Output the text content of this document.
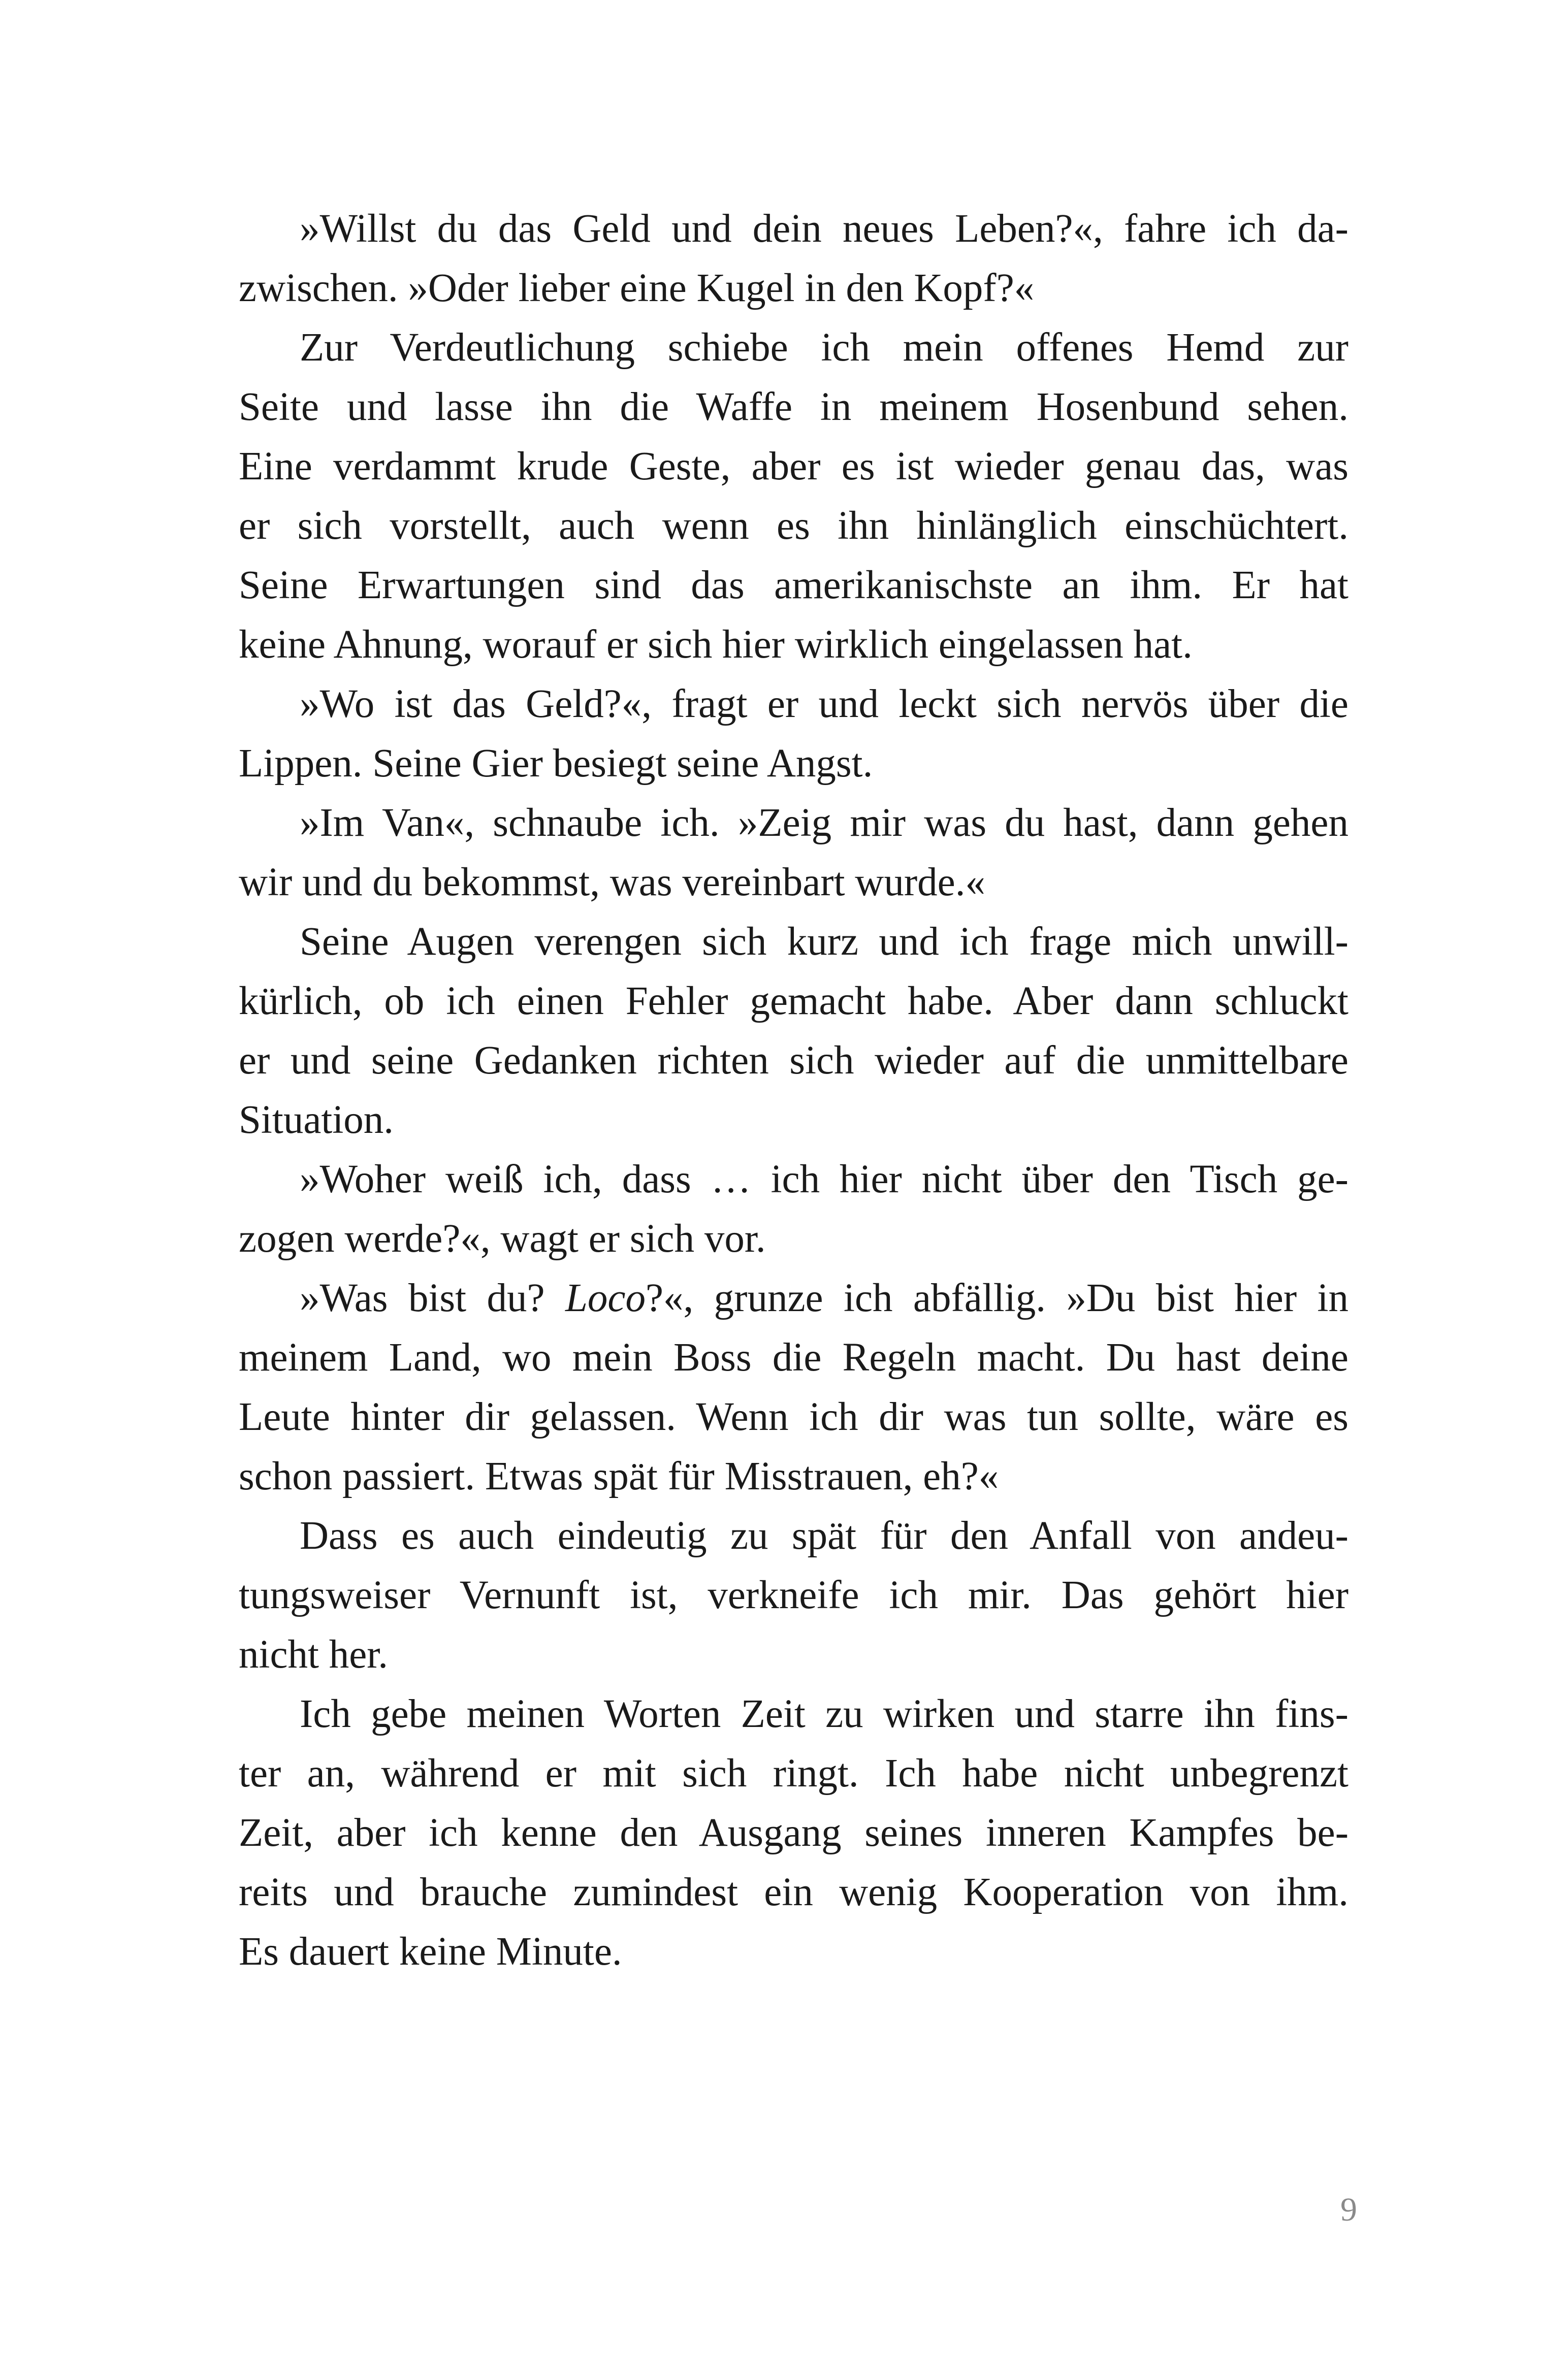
»Willst du das Geld und dein neues Leben?«, fahre ich da-
zwischen. »Oder lieber eine Kugel in den Kopf?«
Zur Verdeutlichung schiebe ich mein offenes Hemd zur
Seite und lasse ihn die Waffe in meinem Hosenbund sehen.
Eine verdammt krude Geste, aber es ist wieder genau das, was
er sich vorstellt, auch wenn es ihn hinlänglich einschüchtert.
Seine Erwartungen sind das amerikanischste an ihm. Er hat
keine Ahnung, worauf er sich hier wirklich eingelassen hat.
»Wo ist das Geld?«, fragt er und leckt sich nervös über die
Lippen. Seine Gier besiegt seine Angst.
»Im Van«, schnaube ich. »Zeig mir was du hast, dann gehen
wir und du bekommst, was vereinbart wurde.«
Seine Augen verengen sich kurz und ich frage mich unwill-
kürlich, ob ich einen Fehler gemacht habe. Aber dann schluckt
er und seine Gedanken richten sich wieder auf die unmittelbare
Situation.
»Woher weiß ich, dass … ich hier nicht über den Tisch ge-
zogen werde?«, wagt er sich vor.
»Was bist du? Loco?«, grunze ich abfällig. »Du bist hier in
meinem Land, wo mein Boss die Regeln macht. Du hast deine
Leute hinter dir gelassen. Wenn ich dir was tun sollte, wäre es
schon passiert. Etwas spät für Misstrauen, eh?«
Dass es auch eindeutig zu spät für den Anfall von andeu-
tungsweiser Vernunft ist, verkneife ich mir. Das gehört hier
nicht her.
Ich gebe meinen Worten Zeit zu wirken und starre ihn fins-
ter an, während er mit sich ringt. Ich habe nicht unbegrenzt
Zeit, aber ich kenne den Ausgang seines inneren Kampfes be-
reits und brauche zumindest ein wenig Kooperation von ihm.
Es dauert keine Minute.
9
